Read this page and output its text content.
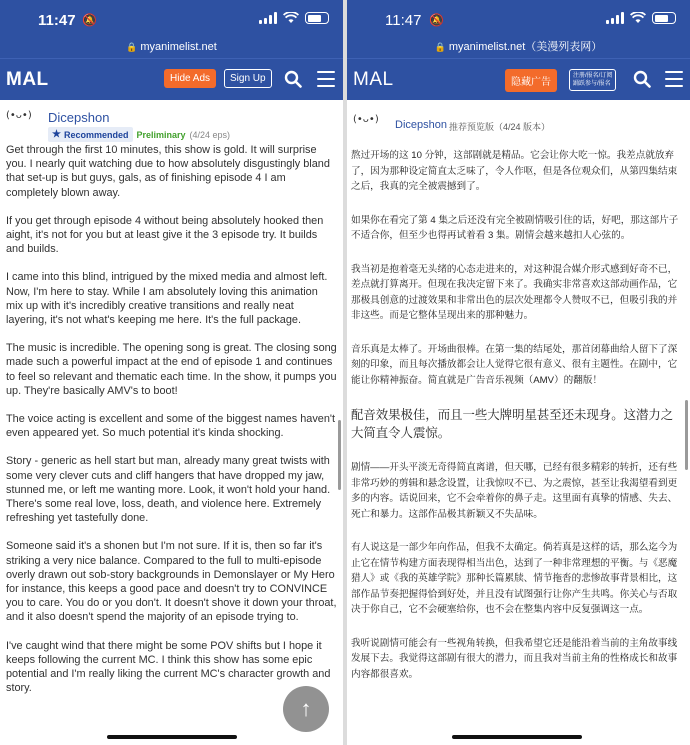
11:47 🔕
🔒 myanimelist.net
MAL	Hide Ads	Sign Up
(•ᴗ•)	Dicepshon
★ Recommended Preliminary (4/24 eps)

Get through the first 10 minutes, this show is gold. It will surprise you. I nearly quit watching due to how absolutely disgustingly bland that set-up is but guys, gals, as of finishing episode 4 I am completely blown away.

If you get through episode 4 without being absolutely hooked then aight, it's not for you but at least give it the 3 episode try. It builds and builds.

I came into this blind, intrigued by the mixed media and almost left. Now, I'm here to stay. While I am absolutely loving this animation mix up with it's incredibly creative transitions and really neat layering, it's not what's keeping me here. It's the full package.

The music is incredible. The opening song is great. The closing song made such a powerful impact at the end of episode 1 and continues to feel so relevant and thematic each time. In the show, it pumps you up. They're basically AMV's to boot!

The voice acting is excellent and some of the biggest names haven't even appeared yet. So much potential it's kinda shocking.

Story - generic as hell start but man, already many great twists with some very clever cuts and cliff hangers that have dropped my jaw, stunned me, or left me wanting more. Look, it won't hold your hand. There's some real love, loss, death, and violence here. Extremely refreshing yet tastefully done.

Someone said it's a shonen but I'm not sure. If it is, then so far it's striking a very nice balance. Compared to the full to multi-episode overly drawn out sob-story backgrounds in Demonslayer or My Hero for instance, this keeps a good pace and doesn't try to CONVINCE you to care. You do or you don't. It doesn't shove it down your throat, and it also doesn't spend the majority of an episode trying to.

I've caught wind that there might be some POV shifts but I hope it keeps following the current MC. I think this show has some epic potential and I'm really liking the current MC's character growth and story.

↑
11:47 🔕
🔒 myanimelist.net（美漫列表网）
MAL	隐藏广告
注册/报名/订阅
踊跃参与/报名
(•ᴗ•)	Dicepshon 推荐预览版（4/24 版本）

熬过开场的这 10 分钟，这部剧就是精品。它会让你大吃一惊。我差点就放弃了，因为那种设定简直太乏味了，令人作呕，但是各位观众们，从第四集结束之后，我真的完全被震撼到了。

如果你在看完了第 4 集之后还没有完全被剧情吸引住的话，好吧，那这部片子不适合你，但至少也得再试着看 3 集。剧情会越来越扣人心弦的。

我当初是抱着毫无头绪的心态走进来的，对这种混合媒介形式感到好奇不已，差点就打算离开。但现在我决定留下来了。我确实非常喜欢这部动画作品，它那极具创意的过渡效果和非常出色的层次处理都令人赞叹不已，但吸引我的并非这些。而是它整体呈现出来的那种魅力。

音乐真是太棒了。开场曲很棒。在第一集的结尾处，那首闭幕曲给人留下了深刻的印象，而且每次播放都会让人觉得它很有意义、很有主题性。在剧中，它能让你精神振奋。简直就是广告音乐视频（AMV）的翻版！

配音效果极佳，而且一些大牌明星甚至还未现身。这潜力之大简直令人震惊。

剧情——开头平淡无奇得简直离谱，但天哪，已经有很多精彩的转折，还有些非常巧妙的剪辑和悬念设置，让我惊叹不已、为之震惊，甚至让我渴望看到更多的内容。话说回来，它不会牵着你的鼻子走。这里面有真挚的情感、失去、死亡和暴力。这部作品极其新颖又不失品味。

有人说这是一部少年向作品，但我不太确定。倘若真是这样的话，那么迄今为止它在情节构建方面表现得相当出色，达到了一种非常理想的平衡。与《恶魔猎人》或《我的英雄学院》那种长篇累牍、情节拖沓的悲惨故事背景相比，这部作品节奏把握得恰到好处，并且没有试图强行让你产生共鸣。你关心与否取决于你自己，它不会硬塞给你，也不会在整集内容中反复强调这一点。

我听说剧情可能会有一些视角转换，但我希望它还是能沿着当前的主角故事线发展下去。我觉得这部剧有很大的潜力，而且我对当前主角的性格成长和故事内容都很喜欢。
